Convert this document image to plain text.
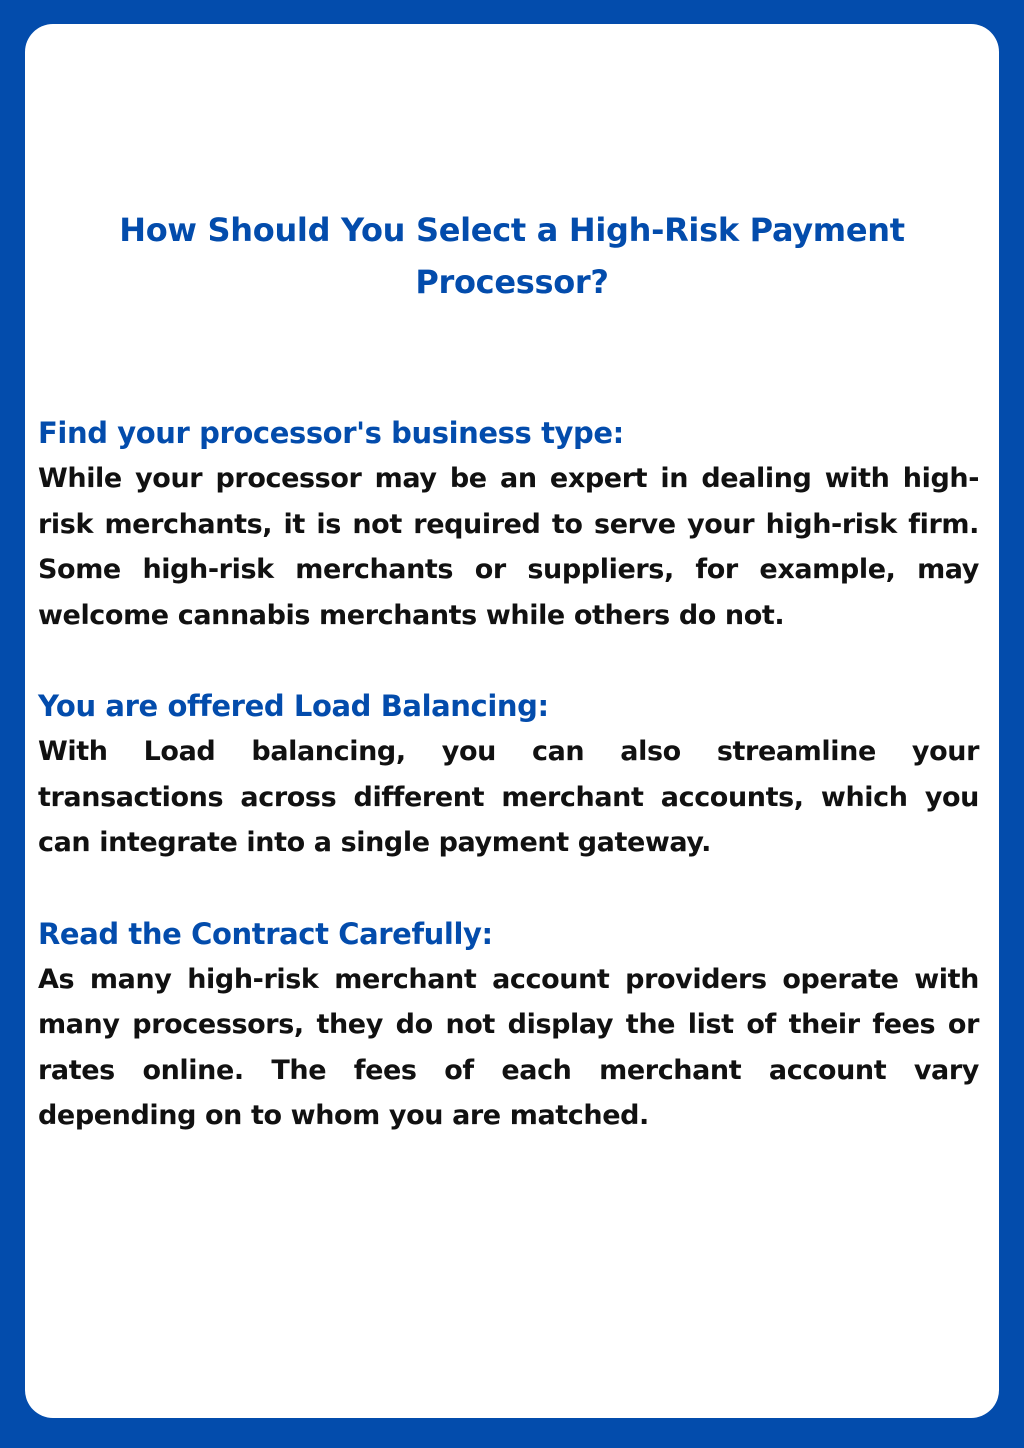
How Should You Select a High-Risk Payment Processor?
Find your processor's business type:

While your processor may be an expert in dealing with high-risk merchants, it is not required to serve your high-risk firm. Some high-risk merchants or suppliers, for example, may welcome cannabis merchants while others do not.

You are offered Load Balancing:

With Load balancing, you can also streamline your transactions across different merchant accounts, which you can integrate into a single payment gateway.

Read the Contract Carefully:

As many high-risk merchant account providers operate with many processors, they do not display the list of their fees or rates online. The fees of each merchant account vary depending on to whom you are matched.
